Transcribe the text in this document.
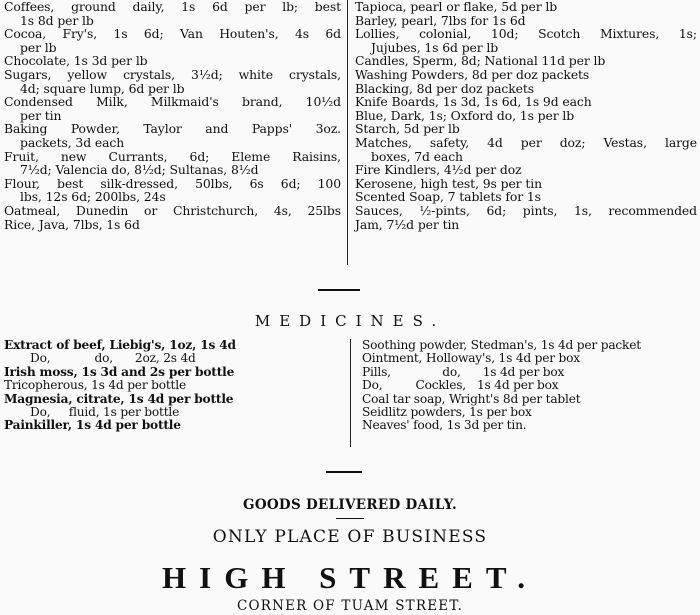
Coffees, ground daily, 1s 6d per lb; best
1s 8d per lb
Cocoa, Fry's, 1s 6d; Van Houten's, 4s 6d
per lb
Chocolate, 1s 3d per lb
Sugars, yellow crystals, 3½d; white crystals,
4d; square lump, 6d per lb
Condensed Milk, Milkmaid's brand, 10½d
per tin
Baking Powder, Taylor and Papps' 3oz.
packets, 3d each
Fruit, new Currants, 6d; Eleme Raisins,
7½d; Valencia do, 8½d; Sultanas, 8½d
Flour, best silk-dressed, 50lbs, 6s 6d; 100
lbs, 12s 6d; 200lbs, 24s
Oatmeal, Dunedin or Christchurch, 4s, 25lbs
Rice, Java, 7lbs, 1s 6d
Tapioca, pearl or flake, 5d per lb
Barley, pearl, 7lbs for 1s 6d
Lollies, colonial, 10d; Scotch Mixtures, 1s;
Jujubes, 1s 6d per lb
Candles, Sperm, 8d; National 11d per lb
Washing Powders, 8d per doz packets
Blacking, 8d per doz packets
Knife Boards, 1s 3d, 1s 6d, 1s 9d each
Blue, Dark, 1s; Oxford do, 1s per lb
Starch, 5d per lb
Matches, safety, 4d per doz; Vestas, large
boxes, 7d each
Fire Kindlers, 4½d per doz
Kerosene, high test, 9s per tin
Scented Soap, 7 tablets for 1s
Sauces, ½-pints, 6d; pints, 1s, recommended
Jam, 7½d per tin
MEDICINES.
Extract of beef, Liebig's, 1oz, 1s 4d
Do,            do,      2oz, 2s 4d
Irish moss, 1s 3d and 2s per bottle
Tricopherous, 1s 4d per bottle
Magnesia, citrate, 1s 4d per bottle
Do,     fluid, 1s per bottle
Painkiller, 1s 4d per bottle
Soothing powder, Stedman's, 1s 4d per packet
Ointment, Holloway's, 1s 4d per box
Pills,              do,      1s 4d per box
Do,         Cockles,   1s 4d per box
Coal tar soap, Wright's 8d per tablet
Seidlitz powders, 1s per box
Neaves' food, 1s 3d per tin.
GOODS DELIVERED DAILY.
ONLY PLACE OF BUSINESS
HIGH STREET.
CORNER OF TUAM STREET.
